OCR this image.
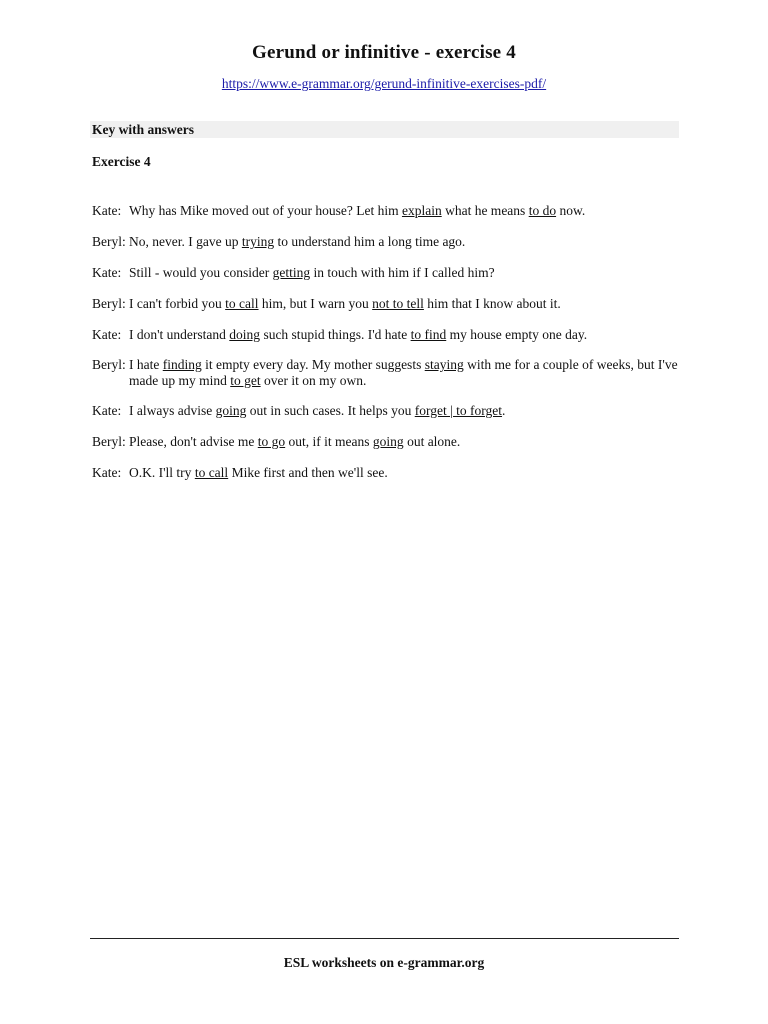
Gerund or infinitive - exercise 4
https://www.e-grammar.org/gerund-infinitive-exercises-pdf/
Key with answers
Exercise 4
Kate: Why has Mike moved out of your house? Let him explain what he means to do now.
Beryl: No, never. I gave up trying to understand him a long time ago.
Kate: Still - would you consider getting in touch with him if I called him?
Beryl: I can't forbid you to call him, but I warn you not to tell him that I know about it.
Kate: I don't understand doing such stupid things. I'd hate to find my house empty one day.
Beryl: I hate finding it empty every day. My mother suggests staying with me for a couple of weeks, but I've made up my mind to get over it on my own.
Kate: I always advise going out in such cases. It helps you forget | to forget.
Beryl: Please, don't advise me to go out, if it means going out alone.
Kate: O.K. I'll try to call Mike first and then we'll see.
ESL worksheets on e-grammar.org
